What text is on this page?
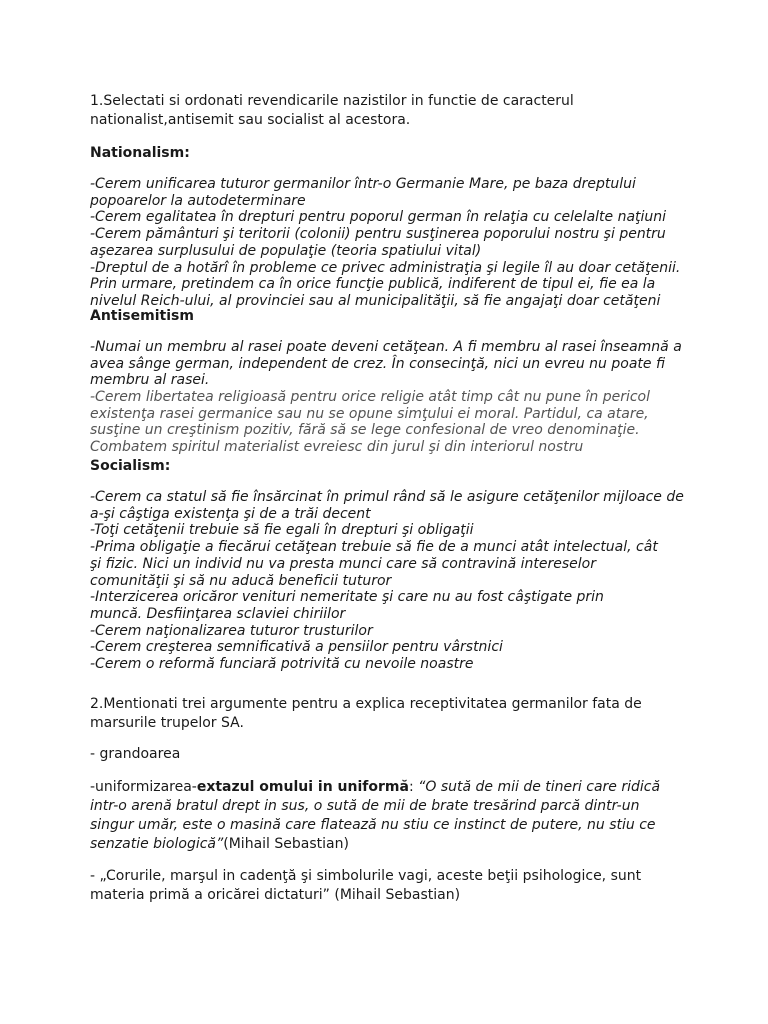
1.Selectati si ordonati revendicarile nazistilor in functie de caracterul
nationalist,antisemit sau socialist al acestora.

Nationalism:

-Cerem unificarea tuturor germanilor într-o Germanie Mare, pe baza dreptului
popoarelor la autodeterminare
-Cerem egalitatea în drepturi pentru poporul german în relaţia cu celelalte naţiuni
-Cerem pământuri şi teritorii (colonii) pentru susţinerea poporului nostru şi pentru
aşezarea surplusului de populaţie (teoria spatiului vital)
-Dreptul de a hotărî în probleme ce privec administraţia şi legile îl au doar cetăţenii.
Prin urmare, pretindem ca în orice funcţie publică, indiferent de tipul ei, fie ea la
nivelul Reich-ului, al provinciei sau al municipalităţii, să fie angajaţi doar cetăţeni

Antisemitism

-Numai un membru al rasei poate deveni cetăţean. A fi membru al rasei înseamnă a
avea sânge german, independent de crez. În consecinţă, nici un evreu nu poate fi
membru al rasei.

-Cerem libertatea religioasă pentru orice religie atât timp cât nu pune în pericol
existenţa rasei germanice sau nu se opune simţului ei moral. Partidul, ca atare,
susţine un creştinism pozitiv, fără să se lege confesional de vreo denominaţie.
Combatem spiritul materialist evreiesc din jurul şi din interiorul nostru

Socialism:

-Cerem ca statul să fie însărcinat în primul rând să le asigure cetăţenilor mijloace de
a-şi câştiga existenţa şi de a trăi decent
-Toţi cetăţenii trebuie să fie egali în drepturi şi obligaţii
-Prima obligaţie a fiecărui cetăţean trebuie să fie de a munci atât intelectual, cât
şi fizic. Nici un individ nu va presta munci care să contravină intereselor
comunităţii şi să nu aducă beneficii tuturor
-Interzicerea oricăror venituri nemeritate şi care nu au fost câştigate prin
muncă. Desfiinţarea sclaviei chiriilor
-Cerem naţionalizarea tuturor trusturilor
-Cerem creşterea semnificativă a pensiilor pentru vârstnici
-Cerem o reformă funciară potrivită cu nevoile noastre

2.Mentionati trei argumente pentru a explica receptivitatea germanilor fata de
marsurile trupelor SA.

- grandoarea

-uniformizarea-extazul omului in uniformă: “O sută de mii de tineri care ridică
intr-o arenă bratul drept in sus, o sută de mii de brate tresărind parcă dintr-un
singur umăr, este o masină care flatează nu stiu ce instinct de putere, nu stiu ce
senzatie biologică”(Mihail Sebastian)

- „Corurile, marşul in cadenţă şi simbolurile vagi, aceste beţii psihologice, sunt
materia primă a oricărei dictaturi” (Mihail Sebastian)
